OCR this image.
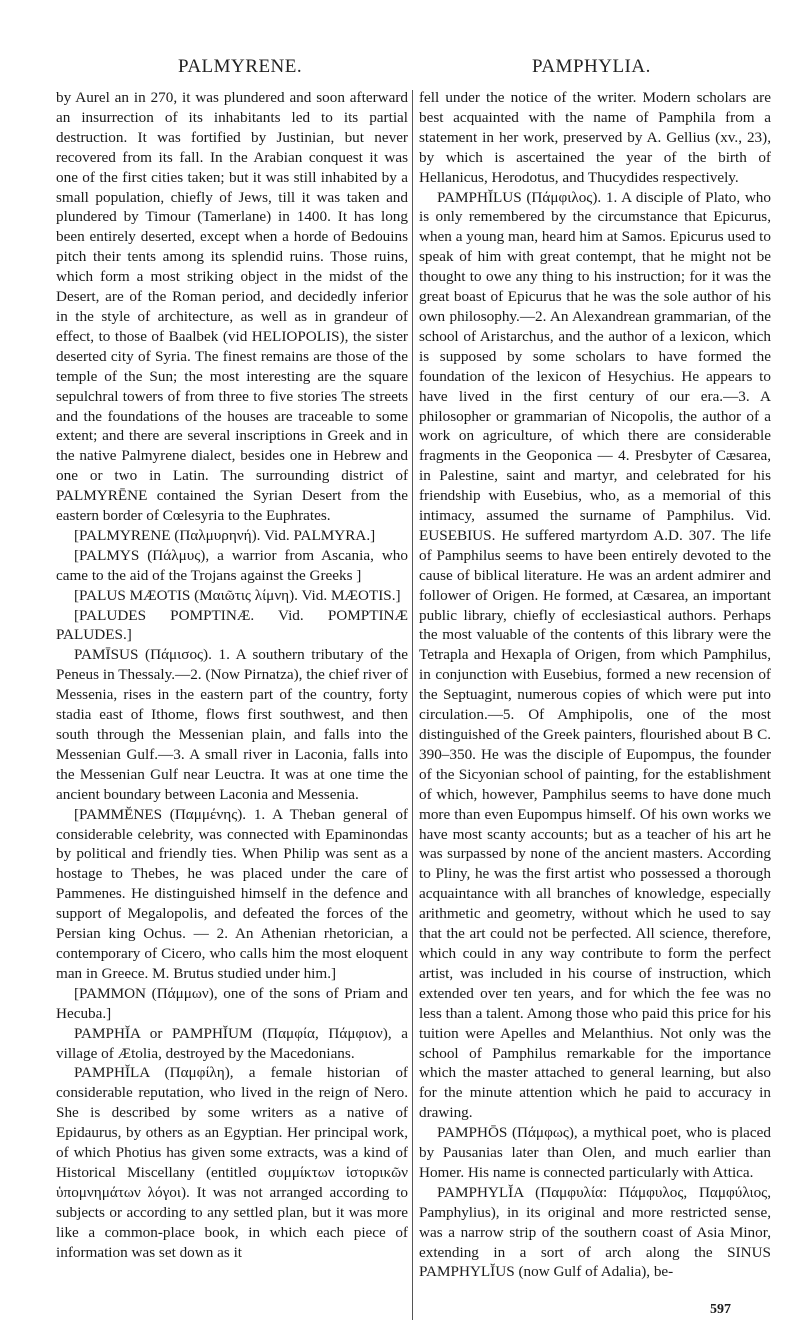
PALMYRENE.	PAMPHYLIA.

by Aurel an in 270, it was plundered and soon afterward an insurrection of its inhabitants led to its partial destruction. It was fortified by Justinian, but never recovered from its fall. In the Arabian conquest it was one of the first cities taken; but it was still inhabited by a small population, chiefly of Jews, till it was taken and plundered by Timour (Tamerlane) in 1400. It has long been entirely deserted, except when a horde of Bedouins pitch their tents among its splendid ruins. Those ruins, which form a most striking object in the midst of the Desert, are of the Roman period, and decidedly inferior in the style of architecture, as well as in grandeur of effect, to those of Baalbek (vid HELIOPOLIS), the sister deserted city of Syria. The finest remains are those of the temple of the Sun; the most interesting are the square sepulchral towers of from three to five stories The streets and the foundations of the houses are traceable to some extent; and there are several inscriptions in Greek and in the native Palmyrene dialect, besides one in Hebrew and one or two in Latin. The surrounding district of PALMYRĒNE contained the Syrian Desert from the eastern border of Cœlesyria to the Euphrates.

[PALMYRENE (Παλμυρηνή). Vid. PALMYRA.]

[PALMYS (Πάλμυς), a warrior from Ascania, who came to the aid of the Trojans against the Greeks ]

[PALUS MÆOTIS (Μαιῶτις λίμνη). Vid. MÆOTIS.]

[PALUDES POMPTINÆ. Vid. POMPTINÆ PALUDES.]

PAMĪSUS (Πάμισος). 1. A southern tributary of the Peneus in Thessaly.—2. (Now Pirnatza), the chief river of Messenia, rises in the eastern part of the country, forty stadia east of Ithome, flows first southwest, and then south through the Messenian plain, and falls into the Messenian Gulf.—3. A small river in Laconia, falls into the Messenian Gulf near Leuctra. It was at one time the ancient boundary between Laconia and Messenia.

[PAMMĔNES (Παμμένης). 1. A Theban general of considerable celebrity, was connected with Epaminondas by political and friendly ties. When Philip was sent as a hostage to Thebes, he was placed under the care of Pammenes. He distinguished himself in the defence and support of Megalopolis, and defeated the forces of the Persian king Ochus. — 2. An Athenian rhetorician, a contemporary of Cicero, who calls him the most eloquent man in Greece. M. Brutus studied under him.]

[PAMMON (Πάμμων), one of the sons of Priam and Hecuba.]

PAMPHĬA or PAMPHĬUM (Παμφία, Πάμφιον), a village of Ætolia, destroyed by the Macedonians.

PAMPHĬLA (Παμφίλη), a female historian of considerable reputation, who lived in the reign of Nero. She is described by some writers as a native of Epidaurus, by others as an Egyptian. Her principal work, of which Photius has given some extracts, was a kind of Historical Miscellany (entitled συμμίκτων ἱστορικῶν ὑπομνημάτων λόγοι). It was not arranged according to subjects or according to any settled plan, but it was more like a common-place book, in which each piece of information was set down as it

fell under the notice of the writer. Modern scholars are best acquainted with the name of Pamphila from a statement in her work, preserved by A. Gellius (xv., 23), by which is ascertained the year of the birth of Hellanicus, Herodotus, and Thucydides respectively.

PAMPHĬLUS (Πάμφιλος). 1. A disciple of Plato, who is only remembered by the circumstance that Epicurus, when a young man, heard him at Samos. Epicurus used to speak of him with great contempt, that he might not be thought to owe any thing to his instruction; for it was the great boast of Epicurus that he was the sole author of his own philosophy.—2. An Alexandrean grammarian, of the school of Aristarchus, and the author of a lexicon, which is supposed by some scholars to have formed the foundation of the lexicon of Hesychius. He appears to have lived in the first century of our era.—3. A philosopher or grammarian of Nicopolis, the author of a work on agriculture, of which there are considerable fragments in the Geoponica — 4. Presbyter of Cæsarea, in Palestine, saint and martyr, and celebrated for his friendship with Eusebius, who, as a memorial of this intimacy, assumed the surname of Pamphilus. Vid. EUSEBIUS. He suffered martyrdom A.D. 307. The life of Pamphilus seems to have been entirely devoted to the cause of biblical literature. He was an ardent admirer and follower of Origen. He formed, at Cæsarea, an important public library, chiefly of ecclesiastical authors. Perhaps the most valuable of the contents of this library were the Tetrapla and Hexapla of Origen, from which Pamphilus, in conjunction with Eusebius, formed a new recension of the Septuagint, numerous copies of which were put into circulation.—5. Of Amphipolis, one of the most distinguished of the Greek painters, flourished about B C. 390–350. He was the disciple of Eupompus, the founder of the Sicyonian school of painting, for the establishment of which, however, Pamphilus seems to have done much more than even Eupompus himself. Of his own works we have most scanty accounts; but as a teacher of his art he was surpassed by none of the ancient masters. According to Pliny, he was the first artist who possessed a thorough acquaintance with all branches of knowledge, especially arithmetic and geometry, without which he used to say that the art could not be perfected. All science, therefore, which could in any way contribute to form the perfect artist, was included in his course of instruction, which extended over ten years, and for which the fee was no less than a talent. Among those who paid this price for his tuition were Apelles and Melanthius. Not only was the school of Pamphilus remarkable for the importance which the master attached to general learning, but also for the minute attention which he paid to accuracy in drawing.

PAMPHŌS (Πάμφως), a mythical poet, who is placed by Pausanias later than Olen, and much earlier than Homer. His name is connected particularly with Attica.

PAMPHYLĬA (Παμφυλία: Πάμφυλος, Παμφύλιος, Pamphylius), in its original and more restricted sense, was a narrow strip of the southern coast of Asia Minor, extending in a sort of arch along the SINUS PAMPHYLĬUS (now Gulf of Adalia), be-

597
